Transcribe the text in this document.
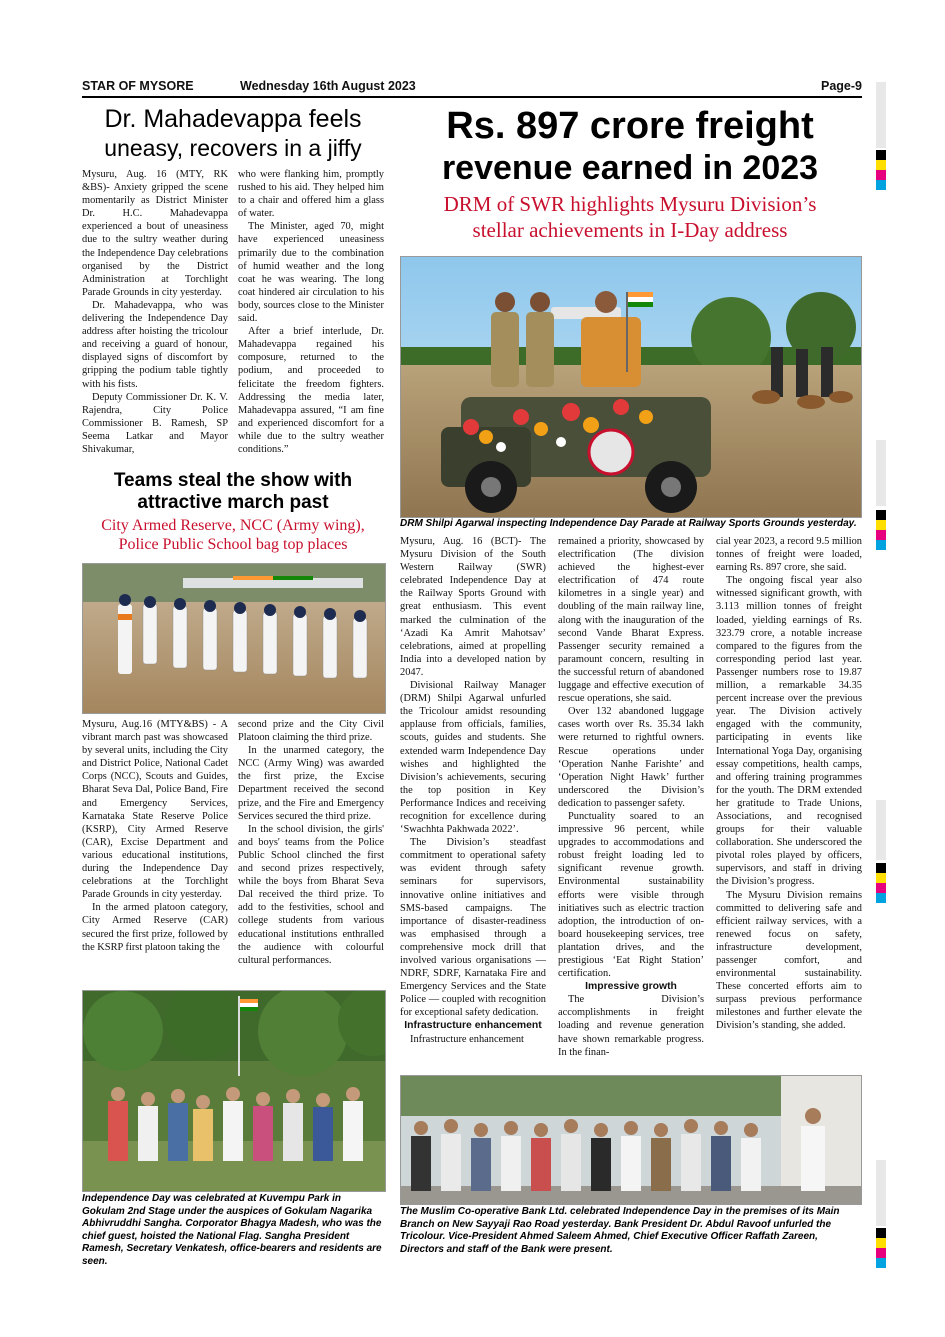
STAR OF MYSORE	Wednesday 16th August 2023	Page-9
Dr. Mahadevappa feels
uneasy, recovers in a jiffy

Mysuru, Aug. 16 (MTY, RK &BS)- Anxiety gripped the scene momentarily as District Minister Dr. H.C. Mahadevappa experienced a bout of uneasiness due to the sultry weather during the Independence Day celebrations organised by the District Administration at Torchlight Parade Grounds in city yesterday.

Dr. Mahadevappa, who was delivering the Independence Day address after hoisting the tricolour and receiving a guard of honour, displayed signs of discomfort by gripping the podium table tightly with his fists.

Deputy Commissioner Dr. K. V. Rajendra, City Police Commissioner B. Ramesh, SP Seema Latkar and Mayor Shivakumar,

who were flanking him, promptly rushed to his aid. They helped him to a chair and offered him a glass of water.

The Minister, aged 70, might have experienced uneasiness primarily due to the combination of humid weather and the long coat he was wearing. The long coat hindered air circulation to his body, sources close to the Minister said.

After a brief interlude, Dr. Mahadevappa regained his composure, returned to the podium, and proceeded to felicitate the freedom fighters. Addressing the media later, Mahadevappa assured, “I am fine and experienced discomfort for a while due to the sultry weather conditions.”

Teams steal the show with
attractive march past
City Armed Reserve, NCC (Army wing),
Police Public School bag top places

Mysuru, Aug.16 (MTY&BS) - A vibrant march past was showcased by several units, including the City and District Police, National Cadet Corps (NCC), Scouts and Guides, Bharat Seva Dal, Police Band, Fire and Emergency Services, Karnataka State Reserve Police (KSRP), City Armed Reserve (CAR), Excise Department and various educational institutions, during the Independence Day celebrations at the Torchlight Parade Grounds in city yesterday.

In the armed platoon category, City Armed Reserve (CAR) secured the first prize, followed by the KSRP first platoon taking the

second prize and the City Civil Platoon claiming the third prize.

In the unarmed category, the NCC (Army Wing) was awarded the first prize, the Excise Department received the second prize, and the Fire and Emergency Services secured the third prize.

In the school division, the girls' and boys' teams from the Police Public School clinched the first and second prizes respectively, while the boys from Bharat Seva Dal received the third prize. To add to the festivities, school and college students from various educational institutions enthralled the audience with colourful cultural performances.

Independence Day was celebrated at Kuvempu Park in Gokulam 2nd Stage under the auspices of Gokulam Nagarika Abhivruddhi Sangha. Corporator Bhagya Madesh, who was the chief guest, hoisted the National Flag. Sangha President Ramesh, Secretary Venkatesh, office-bearers and residents are seen.
Rs. 897 crore freight
revenue earned in 2023
DRM of SWR highlights Mysuru Division’s
stellar achievements in I-Day address
DRM Shilpi Agarwal inspecting Independence Day Parade at Railway Sports Grounds yesterday.

Mysuru, Aug. 16 (BCT)- The Mysuru Division of the South Western Railway (SWR) celebrated Independence Day at the Railway Sports Ground with great enthusiasm. This event marked the culmination of the ‘Azadi Ka Amrit Mahotsav’ celebrations, aimed at propelling India into a developed nation by 2047.

Divisional Railway Manager (DRM) Shilpi Agarwal unfurled the Tricolour amidst resounding applause from officials, families, scouts, guides and students. She extended warm Independence Day wishes and highlighted the Division’s achievements, securing the top position in Key Performance Indices and receiving recognition for excellence during ‘Swachhta Pakhwada 2022’.

The Division’s steadfast commitment to operational safety was evident through safety seminars for supervisors, innovative online initiatives and SMS-based campaigns. The importance of disaster-readiness was emphasised through a comprehensive mock drill that involved various organisations — NDRF, SDRF, Karnataka Fire and Emergency Services and the State Police — coupled with recognition for exceptional safety dedication.

Infrastructure enhancement

Infrastructure enhancement

remained a priority, showcased by electrification (The division achieved the highest-ever electrification of 474 route kilometres in a single year) and doubling of the main railway line, along with the inauguration of the second Vande Bharat Express. Passenger security remained a paramount concern, resulting in the successful return of abandoned luggage and effective execution of rescue operations, she said.

Over 132 abandoned luggage cases worth over Rs. 35.34 lakh were returned to rightful owners. Rescue operations under ‘Operation Nanhe Farishte’ and ‘Operation Night Hawk’ further underscored the Division’s dedication to passenger safety.

Punctuality soared to an impressive 96 percent, while upgrades to accommodations and robust freight loading led to significant revenue growth. Environmental sustainability efforts were visible through initiatives such as electric traction adoption, the introduction of on-board housekeeping services, tree plantation drives, and the prestigious ‘Eat Right Station’ certification.

Impressive growth

The Division’s accomplishments in freight loading and revenue generation have shown remarkable progress. In the finan-

cial year 2023, a record 9.5 million tonnes of freight were loaded, earning Rs. 897 crore, she said.

The ongoing fiscal year also witnessed significant growth, with 3.113 million tonnes of freight loaded, yielding earnings of Rs. 323.79 crore, a notable increase compared to the figures from the corresponding period last year. Passenger numbers rose to 19.87 million, a remarkable 34.35 percent increase over the previous year. The Division actively engaged with the community, participating in events like International Yoga Day, organising essay competitions, health camps, and offering training programmes for the youth. The DRM extended her gratitude to Trade Unions, Associations, and recognised groups for their valuable collaboration. She underscored the pivotal roles played by officers, supervisors, and staff in driving the Division’s progress.

The Mysuru Division remains committed to delivering safe and efficient railway services, with a renewed focus on safety, infrastructure development, passenger comfort, and environmental sustainability. These concerted efforts aim to surpass previous performance milestones and further elevate the Division’s standing, she added.

The Muslim Co-operative Bank Ltd. celebrated Independence Day in the premises of its Main Branch on New Sayyaji Rao Road yesterday. Bank President Dr. Abdul Ravoof unfurled the Tricolour. Vice-President Ahmed Saleem Ahmed, Chief Executive Officer Raffath Zareen, Directors and staff of the Bank were present.
